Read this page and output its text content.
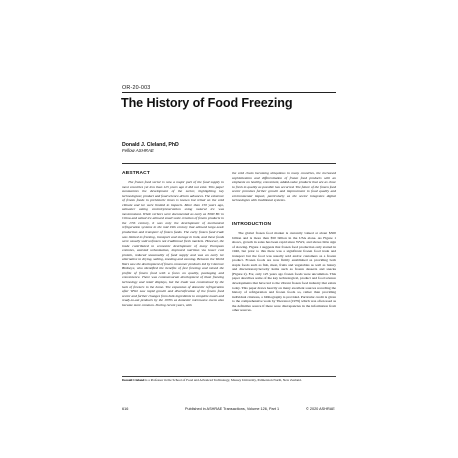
OR-20-003
The History of Food Freezing
Donald J. Cleland, PhD
Fellow ASHRAE
ABSTRACT

The frozen food sector is now a major part of the food supply in most countries yet less than 125 years ago it did not exist. This paper summarizes the development of the sector, highlighting key technological, product and food science-driven advances. The existence of frozen foods in prehistoric times is known but relied on the cold climate and ice were limited to impacts. More than 150 years ago, saltwater eating control/preservation using natural ice was mostconstant. While verbors were documented as early as 3000 BC in China and salted ice allowed small scale creation of frozen products in the 17th century, it was only the development of mechanical refrigeration systems in the mid 19th century that allowed large-scale production and transport of frozen foods. The early frozen food trade was limited to freezing, transport and storage in bulk, and these foods were usually sold unfrozen not traditional fresh markets. However, the trade contributed to economic development of many European colonies, assisted urbanization, improved nutrition via lower cost protein, reduced seasonality of food supply and was an early ice alternative to drying, salting, smoking and canning. Between the World Wars saw the development of frozen consumer products led by Clarence Birdseye, who identified the benefits of fast freezing and raised the profile of frozen food with a focus on quality, packaging and convenience. There was commensurate development of blast freezing technology and retail displays, but the trade was constrained by the lack of freezers in the home. The expansion of domestic refrigeration after WW2 saw rapid growth and diversification of the frozen food sector and further changes from bulk ingredients to complete meals and ready-to-eat products by the 1970s as domestic microwave ovens also became more common. During recent years, with

the cold chain becoming ubiquitous in many countries, the increased sophistication and differentiation of frozen food products with an emphasis on healthy, convenient, added-value products that are as close to fresh in quality as possible has occurred. The future of the frozen food sector promises further growth and improvement in food quality and environmental impact, particularly as the sector integrates digital technologies with traditional systems.

INTRODUCTION

The global frozen food market is currently valued at about $300 billion and is more than $50 billion in the USA alone. As Figure 1 shows, growth in sales has been rapid since WW2, and shows little sign of slowing. Figure 1 suggests that frozen food production only started in 1940, but prior to this there was a significant frozen food trade and transport but the food was usually sold and/or customers as a frozen product. Frozen foods are now firmly established as providing both staple foods such as fish, meat, fruits and vegetables as well as luxury and discretionary/novelty items such as frozen desserts and snacks (Figure 2). For, only 125 years ago frozen foods were uncommon. This paper describes some of the key technological, product and food science developments that have led to the vibrant frozen food industry that exists today. This paper draws heavily on many excellent sources recording the history of refrigeration and frozen foods so, rather than providing individual citations, a bibliography is provided. Particular credit is given to the comprehensive work by Thevenot (1979) which was often used as the definitive source if there were discrepancies in the information from other sources.

Donald Cleland is a Professor in the School of Food and Advanced Technology, Massey University, Palmerston North, New Zealand.

616	Published in ASHRAE Transactions, Volume 126, Part 1	© 2020 ASHRAE
